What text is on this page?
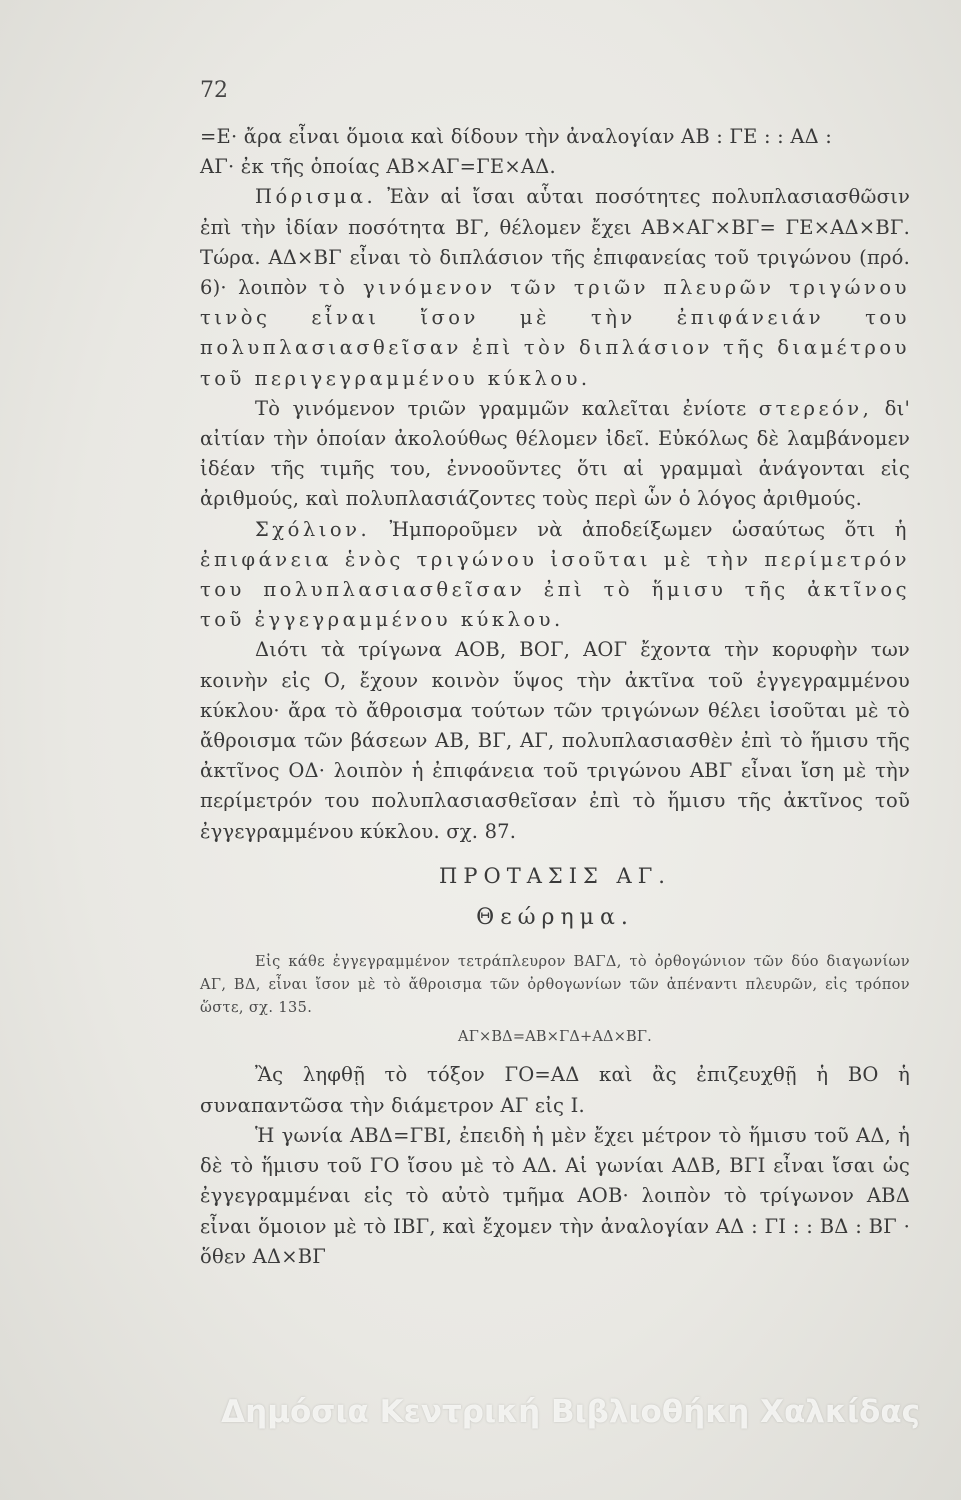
72

=Ε· ἄρα εἶναι ὅμοια καὶ δίδουν τὴν ἀναλογίαν ΑΒ : ΓΕ : : ΑΔ :

ΑΓ· ἐκ τῆς ὁποίας ΑΒ×ΑΓ=ΓΕ×ΑΔ.

Πόρισμα. Ἐὰν αἱ ἴσαι αὗται ποσότητες πολυπλασιασθῶσιν ἐπὶ τὴν ἰδίαν ποσότητα ΒΓ, θέλομεν ἔχει ΑΒ×ΑΓ×ΒΓ= ΓΕ×ΑΔ×ΒΓ. Τώρα. ΑΔ×ΒΓ εἶναι τὸ διπλάσιον τῆς ἐπιφανείας τοῦ τριγώνου (πρό. 6)· λοιπὸν τὸ γινόμενον τῶν τριῶν πλευρῶν τριγώνου τινὸς εἶναι ἴσον μὲ τὴν ἐπιφάνειάν του πολυπλασιασθεῖσαν ἐπὶ τὸν διπλάσιον τῆς διαμέτρου τοῦ περιγεγραμμένου κύκλου.

Τὸ γινόμενον τριῶν γραμμῶν καλεῖται ἐνίοτε στερεόν, δι' αἰτίαν τὴν ὁποίαν ἀκολούθως θέλομεν ἰδεῖ. Εὐκόλως δὲ λαμβάνομεν ἰδέαν τῆς τιμῆς του, ἐννοοῦντες ὅτι αἱ γραμμαὶ ἀνάγονται εἰς ἀριθμούς, καὶ πολυπλασιάζοντες τοὺς περὶ ὧν ὁ λόγος ἀριθμούς.

Σχόλιον. Ἠμποροῦμεν νὰ ἀποδείξωμεν ὡσαύτως ὅτι ἡ ἐπιφάνεια ἑνὸς τριγώνου ἰσοῦται μὲ τὴν περίμετρόν του πολυπλασιασθεῖσαν ἐπὶ τὸ ἥμισυ τῆς ἀκτῖνος τοῦ ἐγγεγραμμένου κύκλου.

Διότι τὰ τρίγωνα ΑΟΒ, ΒΟΓ, ΑΟΓ ἔχοντα τὴν κορυφὴν των κοινὴν εἰς Ο, ἔχουν κοινὸν ὕψος τὴν ἀκτῖνα τοῦ ἐγγεγραμμένου κύκλου· ἄρα τὸ ἄθροισμα τούτων τῶν τριγώνων θέλει ἰσοῦται μὲ τὸ ἄθροισμα τῶν βάσεων ΑΒ, ΒΓ, ΑΓ, πολυπλασιασθὲν ἐπὶ τὸ ἥμισυ τῆς ἀκτῖνος ΟΔ· λοιπὸν ἡ ἐπιφάνεια τοῦ τριγώνου ΑΒΓ εἶναι ἴση μὲ τὴν περίμετρόν του πολυπλασιασθεῖσαν ἐπὶ τὸ ἥμισυ τῆς ἀκτῖνος τοῦ ἐγγεγραμμένου κύκλου. σχ. 87.

ΠΡΟΤΑΣΙΣ ΑΓ.

Θεώρημα.

Εἰς κάθε ἐγγεγραμμένον τετράπλευρον ΒΑΓΔ, τὸ ὀρθογώνιον τῶν δύο διαγωνίων ΑΓ, ΒΔ, εἶναι ἴσον μὲ τὸ ἄθροισμα τῶν ὀρθογωνίων τῶν ἀπέναντι πλευρῶν, εἰς τρόπον ὥστε, σχ. 135.

ΑΓ×ΒΔ=ΑΒ×ΓΔ+ΑΔ×ΒΓ.

Ἂς ληφθῇ τὸ τόξον ΓΟ=ΑΔ καὶ ἂς ἐπιζευχθῇ ἡ ΒΟ ἡ συναπαντῶσα τὴν διάμετρον ΑΓ εἰς Ι.

Ἡ γωνία ΑΒΔ=ΓΒΙ, ἐπειδὴ ἡ μὲν ἔχει μέτρον τὸ ἥμισυ τοῦ ΑΔ, ἡ δὲ τὸ ἥμισυ τοῦ ΓΟ ἴσου μὲ τὸ ΑΔ. Αἱ γωνίαι ΑΔΒ, ΒΓΙ εἶναι ἴσαι ὡς ἐγγεγραμμέναι εἰς τὸ αὐτὸ τμῆμα ΑΟΒ· λοιπὸν τὸ τρίγωνον ΑΒΔ εἶναι ὅμοιον μὲ τὸ ΙΒΓ, καὶ ἔχομεν τὴν ἀναλογίαν ΑΔ : ΓΙ : : ΒΔ : ΒΓ · ὅθεν ΑΔ×ΒΓ

Δημόσια Κεντρική Βιβλιοθήκη Χαλκίδας
